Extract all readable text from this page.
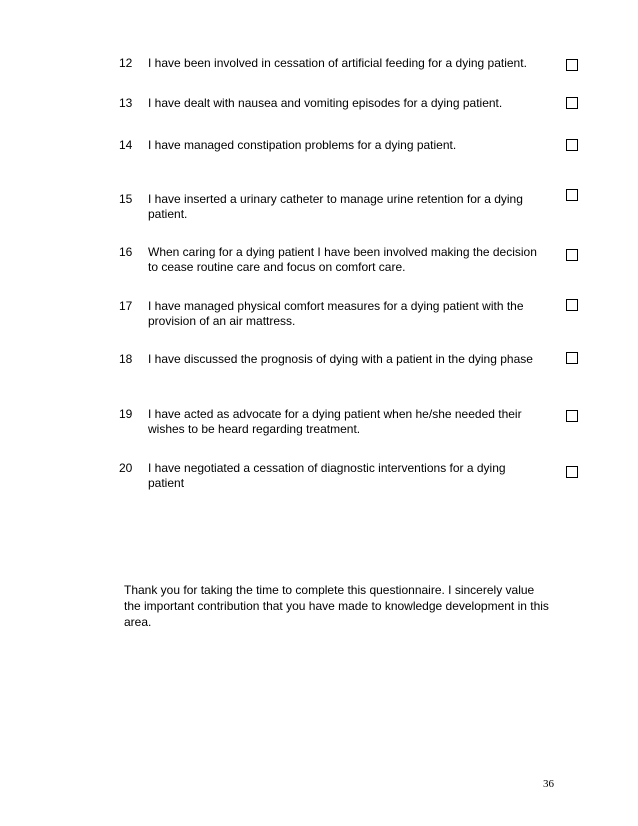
12 I have been involved in cessation of artificial feeding for a dying patient.
13 I have dealt with nausea and vomiting episodes for a dying patient.
14 I have managed constipation problems for a dying patient.
15 I have inserted a urinary catheter to manage urine retention for a dying patient.
16 When caring for a dying patient I have been involved making the decision to cease routine care and focus on comfort care.
17 I have managed physical comfort measures for a dying patient with the provision of an air mattress.
18 I have discussed the prognosis of dying with a patient in the dying phase
19 I have acted as advocate for a dying patient when he/she needed their wishes to be heard regarding treatment.
20 I have negotiated a cessation of diagnostic interventions for a dying patient
Thank you for taking the time to complete this questionnaire. I sincerely value the important contribution that you have made to knowledge development in this area.
36
